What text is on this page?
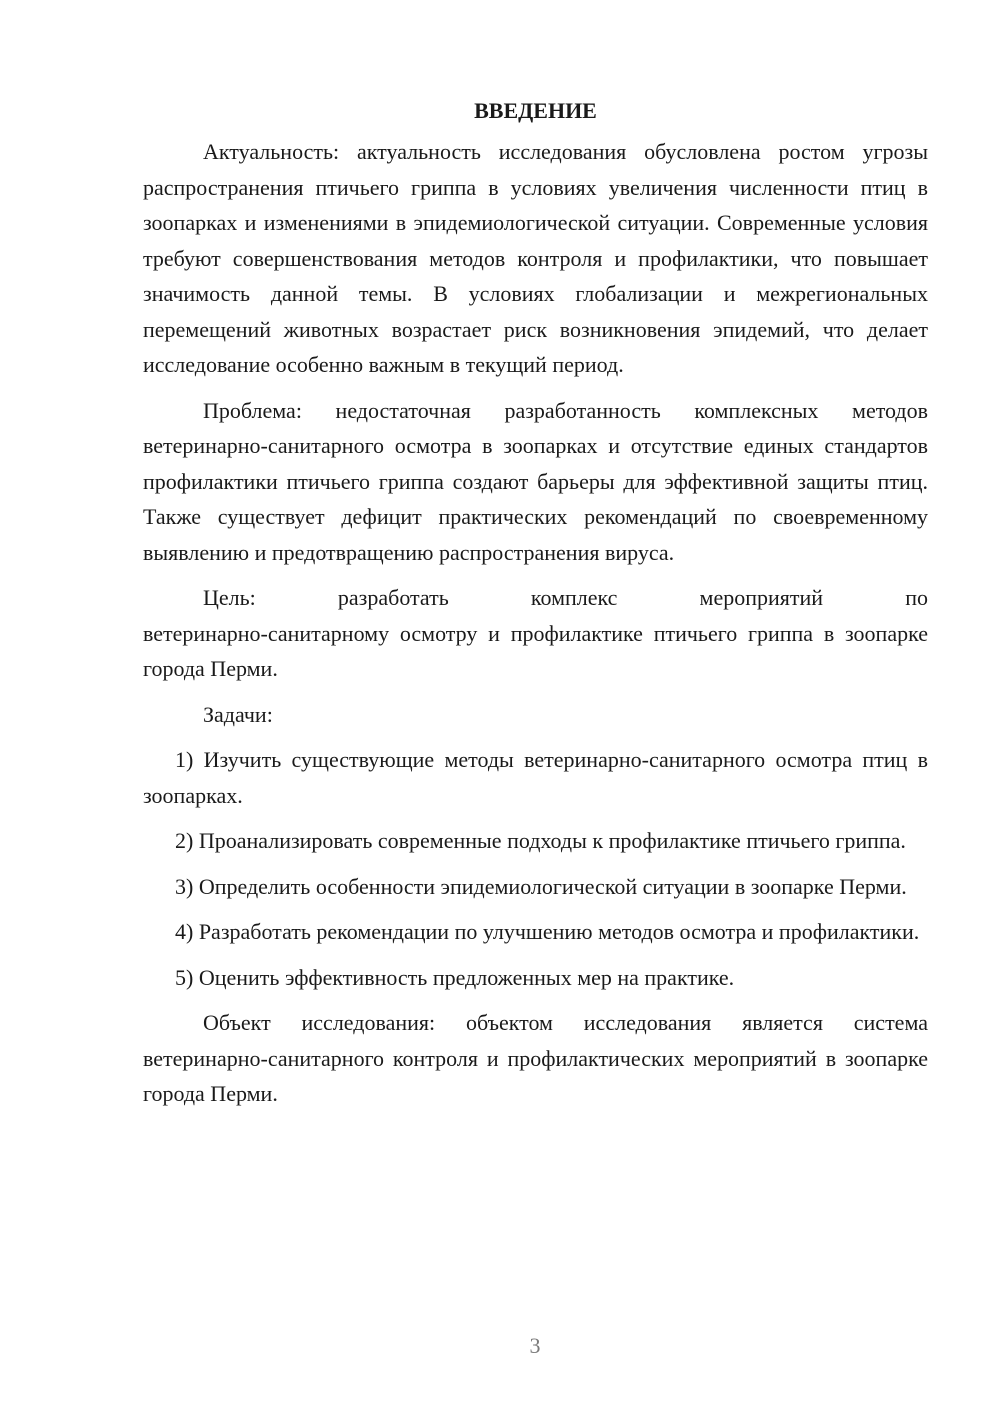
ВВЕДЕНИЕ

Актуальность: актуальность исследования обусловлена ростом угрозы распространения птичьего гриппа в условиях увеличения численности птиц в зоопарках и изменениями в эпидемиологической ситуации. Современные условия требуют совершенствования методов контроля и профилактики, что повышает значимость данной темы. В условиях глобализации и межрегиональных перемещений животных возрастает риск возникновения эпидемий, что делает исследование особенно важным в текущий период.

Проблема: недостаточная разработанность комплексных методов ветеринарно-санитарного осмотра в зоопарках и отсутствие единых стандартов профилактики птичьего гриппа создают барьеры для эффективной защиты птиц. Также существует дефицит практических рекомендаций по своевременному выявлению и предотвращению распространения вируса.

Цель: разработать комплекс мероприятий по
ветеринарно-санитарному осмотру и профилактике птичьего гриппа в зоопарке города Перми.

Задачи:

1) Изучить существующие методы ветеринарно-санитарного осмотра птиц в зоопарках.

2) Проанализировать современные подходы к профилактике птичьего гриппа.

3) Определить особенности эпидемиологической ситуации в зоопарке Перми.

4) Разработать рекомендации по улучшению методов осмотра и профилактики.

5) Оценить эффективность предложенных мер на практике.

Объект исследования: объектом исследования является система ветеринарно-санитарного контроля и профилактических мероприятий в зоопарке города Перми.

3
